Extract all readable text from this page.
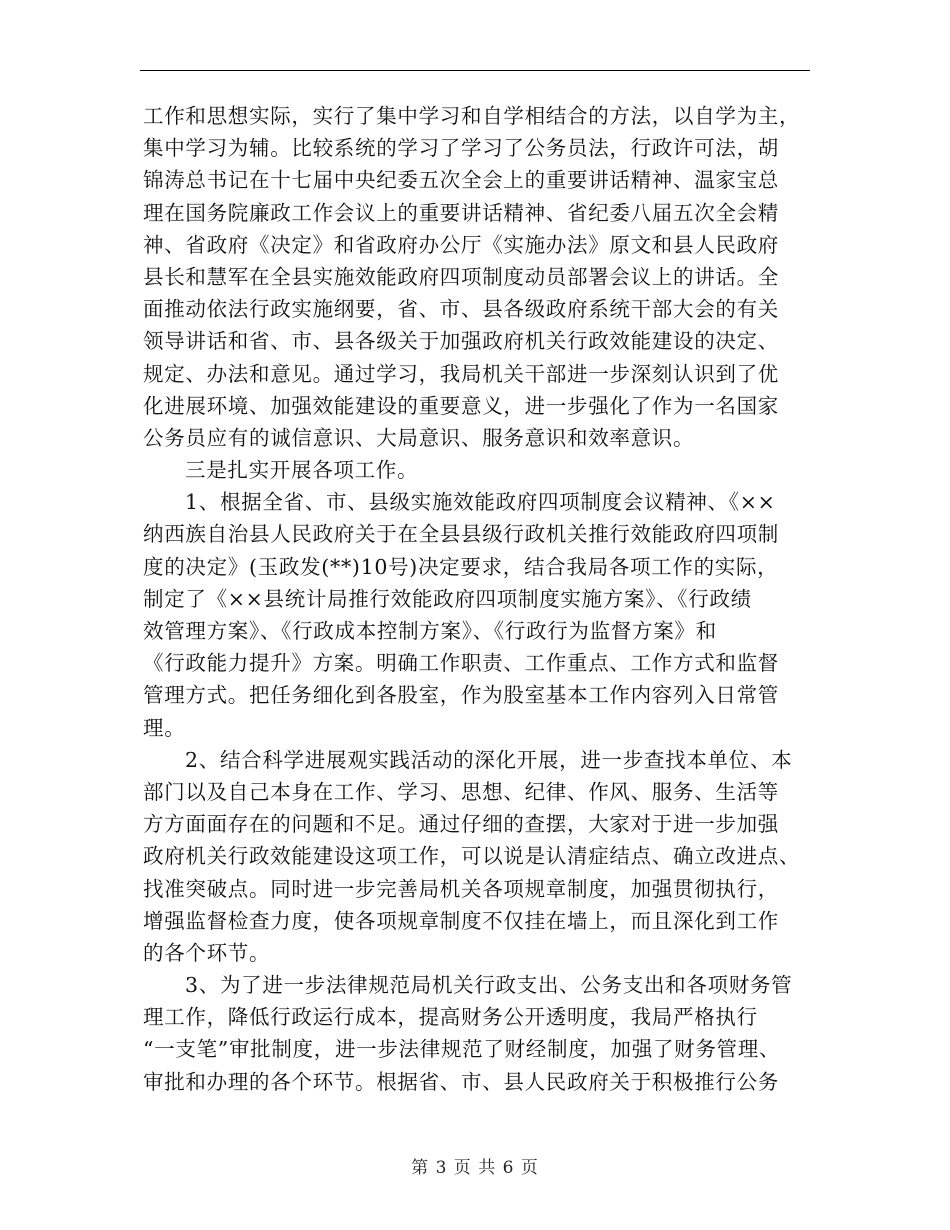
工作和思想实际，实行了集中学习和自学相结合的方法，以自学为主，
集中学习为辅。比较系统的学习了学习了公务员法，行政许可法，胡
锦涛总书记在十七届中央纪委五次全会上的重要讲话精神、温家宝总
理在国务院廉政工作会议上的重要讲话精神、省纪委八届五次全会精
神、省政府《决定》和省政府办公厅《实施办法》原文和县人民政府
县长和慧军在全县实施效能政府四项制度动员部署会议上的讲话。全
面推动依法行政实施纲要，省、市、县各级政府系统干部大会的有关
领导讲话和省、市、县各级关于加强政府机关行政效能建设的决定、
规定、办法和意见。通过学习，我局机关干部进一步深刻认识到了优
化进展环境、加强效能建设的重要意义，进一步强化了作为一名国家
公务员应有的诚信意识、大局意识、服务意识和效率意识。
三是扎实开展各项工作。
1、根据全省、市、县级实施效能政府四项制度会议精神、《××
纳西族自治县人民政府关于在全县县级行政机关推行效能政府四项制
度的决定》(玉政发(**)10号)决定要求，结合我局各项工作的实际，
制定了《××县统计局推行效能政府四项制度实施方案》、《行政绩
效管理方案》、《行政成本控制方案》、《行政行为监督方案》和
《行政能力提升》方案。明确工作职责、工作重点、工作方式和监督
管理方式。把任务细化到各股室，作为股室基本工作内容列入日常管
理。
2、结合科学进展观实践活动的深化开展，进一步查找本单位、本
部门以及自己本身在工作、学习、思想、纪律、作风、服务、生活等
方方面面存在的问题和不足。通过仔细的查摆，大家对于进一步加强
政府机关行政效能建设这项工作，可以说是认清症结点、确立改进点、
找准突破点。同时进一步完善局机关各项规章制度，加强贯彻执行，
增强监督检查力度，使各项规章制度不仅挂在墙上，而且深化到工作
的各个环节。
3、为了进一步法律规范局机关行政支出、公务支出和各项财务管
理工作，降低行政运行成本，提高财务公开透明度，我局严格执行
“一支笔”审批制度，进一步法律规范了财经制度，加强了财务管理、
审批和办理的各个环节。根据省、市、县人民政府关于积极推行公务
第 3 页 共 6 页
